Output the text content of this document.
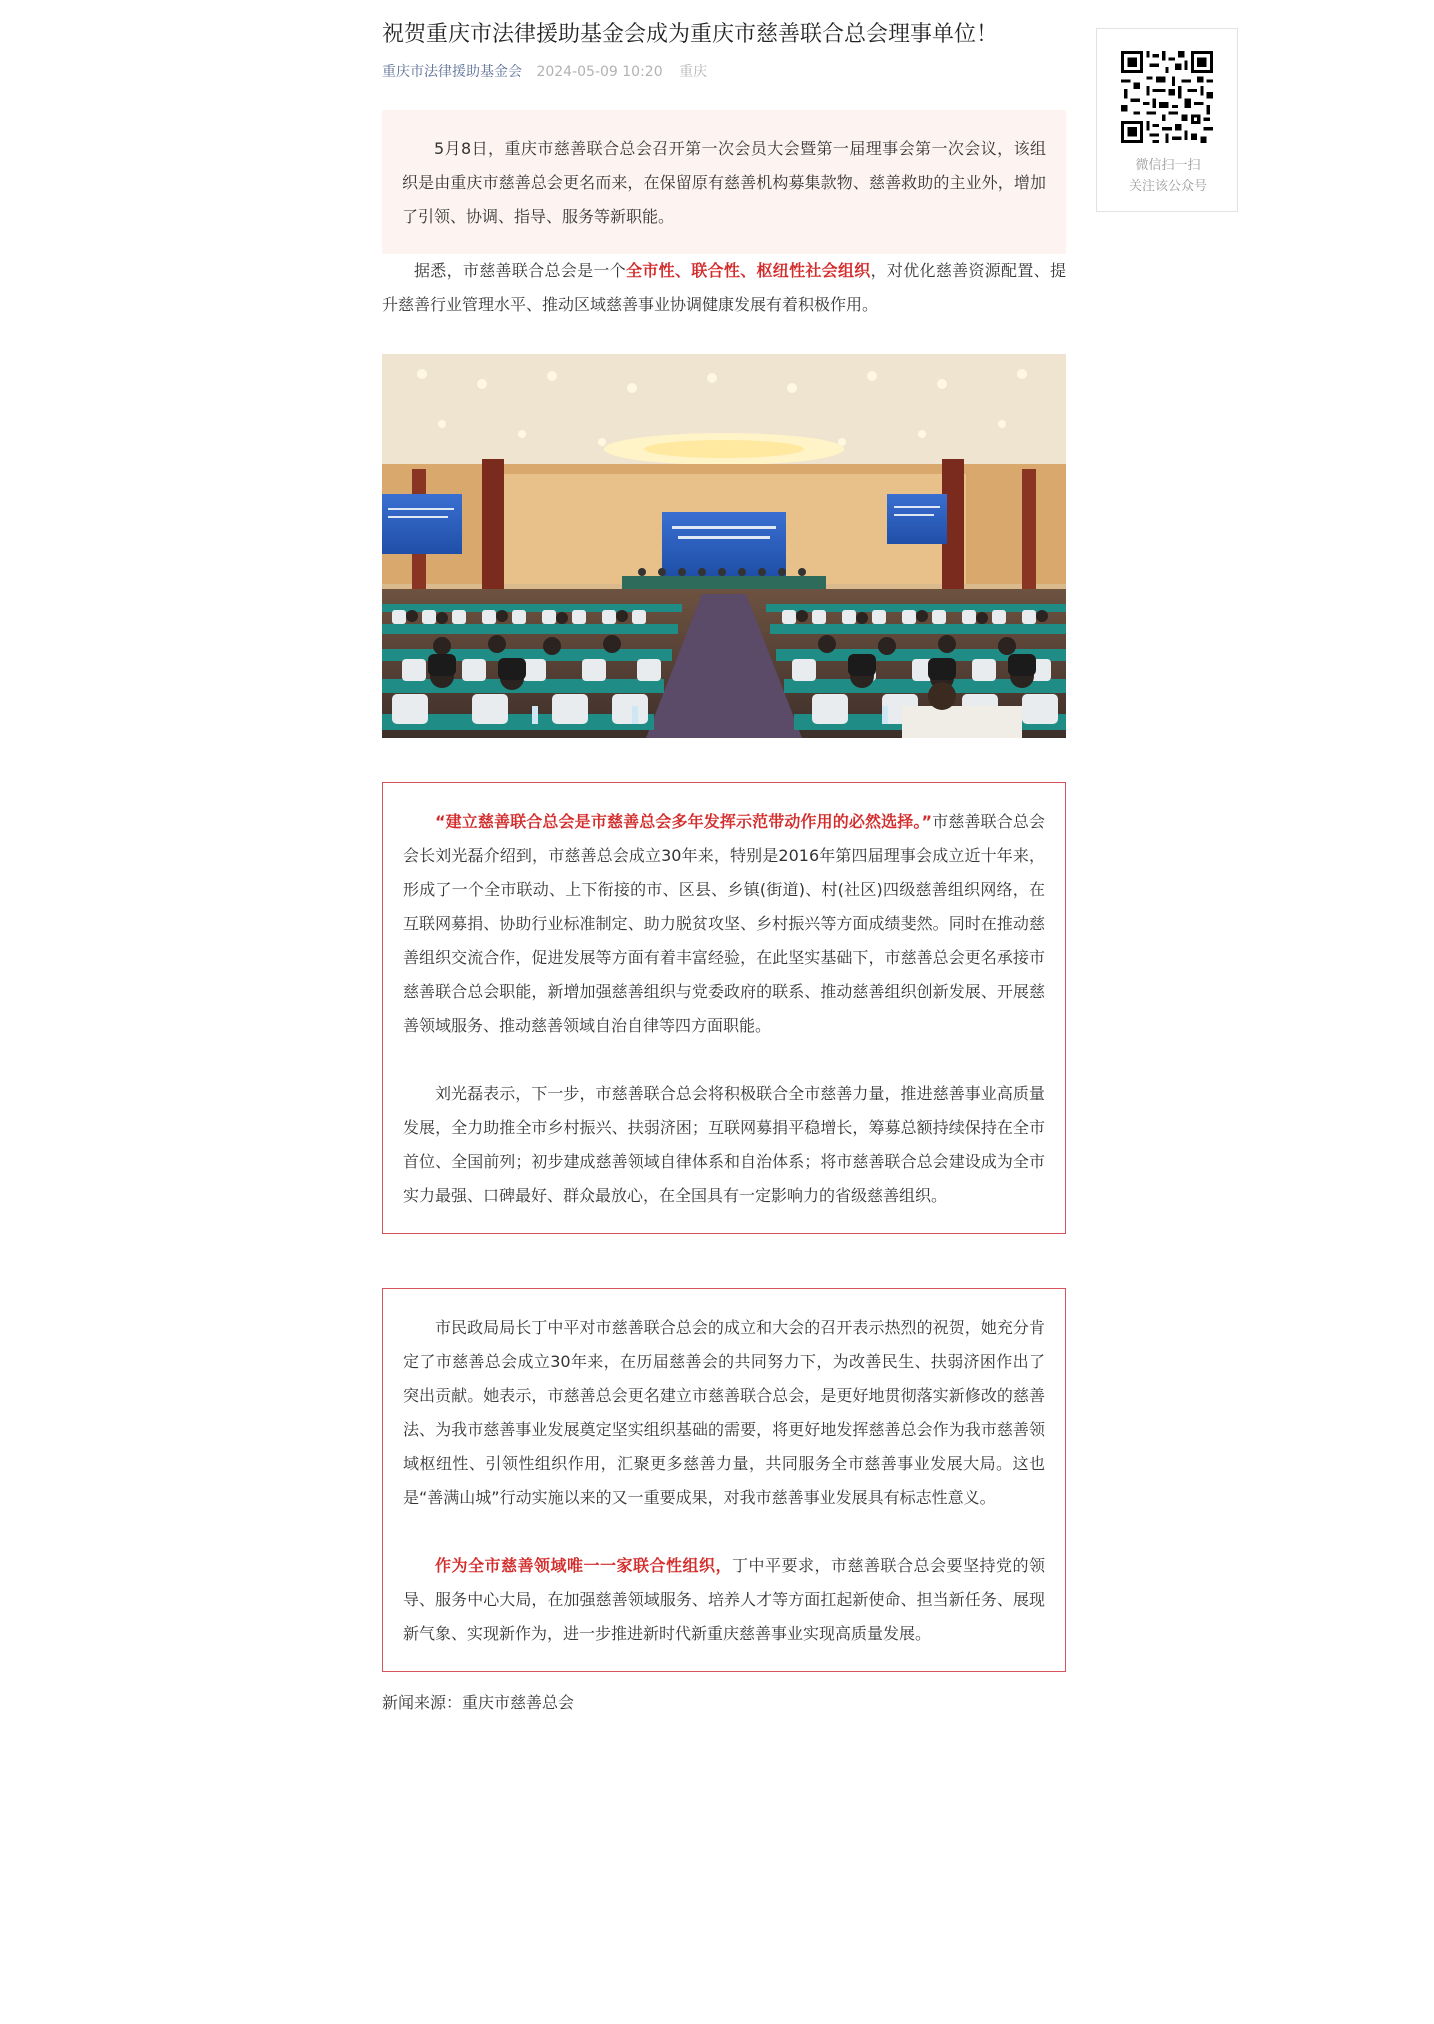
祝贺重庆市法律援助基金会成为重庆市慈善联合总会理事单位！
重庆市法律援助基金会 2024-05-09 10:20 重庆

5月8日，重庆市慈善联合总会召开第一次会员大会暨第一届理事会第一次会议，该组织是由重庆市慈善总会更名而来，在保留原有慈善机构募集款物、慈善救助的主业外，增加了引领、协调、指导、服务等新职能。

据悉，市慈善联合总会是一个全市性、联合性、枢纽性社会组织，对优化慈善资源配置、提升慈善行业管理水平、推动区域慈善事业协调健康发展有着积极作用。

“建立慈善联合总会是市慈善总会多年发挥示范带动作用的必然选择。”市慈善联合总会会长刘光磊介绍到，市慈善总会成立30年来，特别是2016年第四届理事会成立近十年来，形成了一个全市联动、上下衔接的市、区县、乡镇(街道)、村(社区)四级慈善组织网络，在互联网募捐、协助行业标准制定、助力脱贫攻坚、乡村振兴等方面成绩斐然。同时在推动慈善组织交流合作，促进发展等方面有着丰富经验，在此坚实基础下，市慈善总会更名承接市慈善联合总会职能，新增加强慈善组织与党委政府的联系、推动慈善组织创新发展、开展慈善领域服务、推动慈善领域自治自律等四方面职能。

刘光磊表示，下一步，市慈善联合总会将积极联合全市慈善力量，推进慈善事业高质量发展，全力助推全市乡村振兴、扶弱济困；互联网募捐平稳增长，筹募总额持续保持在全市首位、全国前列；初步建成慈善领域自律体系和自治体系；将市慈善联合总会建设成为全市实力最强、口碑最好、群众最放心，在全国具有一定影响力的省级慈善组织。

市民政局局长丁中平对市慈善联合总会的成立和大会的召开表示热烈的祝贺，她充分肯定了市慈善总会成立30年来，在历届慈善会的共同努力下，为改善民生、扶弱济困作出了突出贡献。她表示，市慈善总会更名建立市慈善联合总会，是更好地贯彻落实新修改的慈善法、为我市慈善事业发展奠定坚实组织基础的需要，将更好地发挥慈善总会作为我市慈善领域枢纽性、引领性组织作用，汇聚更多慈善力量，共同服务全市慈善事业发展大局。这也是“善满山城”行动实施以来的又一重要成果，对我市慈善事业发展具有标志性意义。

作为全市慈善领域唯一一家联合性组织，丁中平要求，市慈善联合总会要坚持党的领导、服务中心大局，在加强慈善领域服务、培养人才等方面扛起新使命、担当新任务、展现新气象、实现新作为，进一步推进新时代新重庆慈善事业实现高质量发展。

新闻来源：重庆市慈善总会
微信扫一扫
关注该公众号
